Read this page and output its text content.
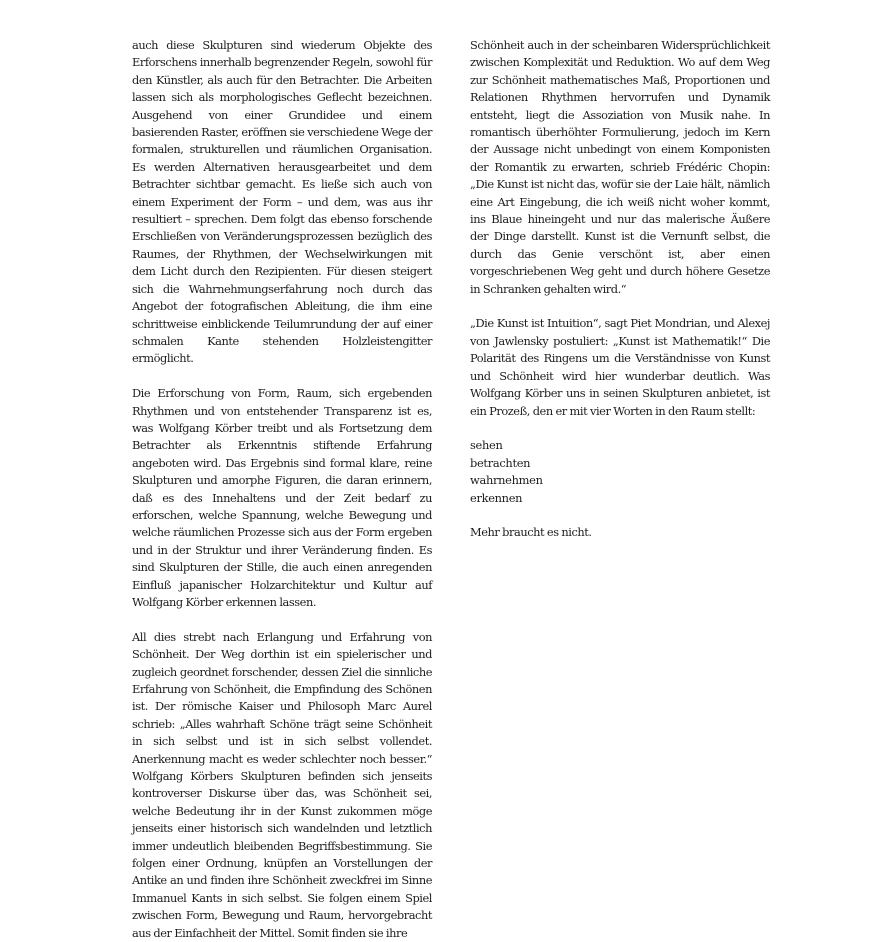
auch diese Skulpturen sind wiederum Objekte des Erforschens innerhalb begrenzender Regeln, sowohl für den Künstler, als auch für den Betrachter. Die Arbeiten lassen sich als morphologisches Geflecht bezeichnen. Ausgehend von einer Grundidee und einem basierenden Raster, eröffnen sie verschiedene Wege der formalen, strukturellen und räumlichen Organisation. Es werden Alternativen herausgearbeitet und dem Betrachter sichtbar gemacht. Es ließe sich auch von einem Experiment der Form – und dem, was aus ihr resultiert – sprechen. Dem folgt das ebenso forschende Erschließen von Veränderungsprozessen bezüglich des Raumes, der Rhythmen, der Wechselwirkungen mit dem Licht durch den Rezipienten. Für diesen steigert sich die Wahrnehmungserfahrung noch durch das Angebot der fotografischen Ableitung, die ihm eine schrittweise einblickende Teilumrundung der auf einer schmalen Kante stehenden Holzleistengitter ermöglicht.

Die Erforschung von Form, Raum, sich ergebenden Rhythmen und von entstehender Transparenz ist es, was Wolfgang Körber treibt und als Fortsetzung dem Betrachter als Erkenntnis stiftende Erfahrung angeboten wird. Das Ergebnis sind formal klare, reine Skulpturen und amorphe Figuren, die daran erinnern, daß es des Innehaltens und der Zeit bedarf zu erforschen, welche Spannung, welche Bewegung und welche räumlichen Prozesse sich aus der Form ergeben und in der Struktur und ihrer Veränderung finden. Es sind Skulpturen der Stille, die auch einen anregenden Einfluß japanischer Holzarchitektur und Kultur auf Wolfgang Körber erkennen lassen.

All dies strebt nach Erlangung und Erfahrung von Schönheit. Der Weg dorthin ist ein spielerischer und zugleich geordnet forschender, dessen Ziel die sinnliche Erfahrung von Schönheit, die Empfindung des Schönen ist. Der römische Kaiser und Philosoph Marc Aurel schrieb: „Alles wahrhaft Schöne trägt seine Schönheit in sich selbst und ist in sich selbst vollendet. Anerkennung macht es weder schlechter noch besser.“ Wolfgang Körbers Skulpturen befinden sich jenseits kontroverser Diskurse über das, was Schönheit sei, welche Bedeutung ihr in der Kunst zukommen möge jenseits einer historisch sich wandelnden und letztlich immer undeutlich bleibenden Begriffsbestimmung. Sie folgen einer Ordnung, knüpfen an Vorstellungen der Antike an und finden ihre Schönheit zweckfrei im Sinne Immanuel Kants in sich selbst. Sie folgen einem Spiel zwischen Form, Bewegung und Raum, hervorgebracht aus der Einfachheit der Mittel. Somit finden sie ihre

Schönheit auch in der scheinbaren Widersprüchlichkeit zwischen Komplexität und Reduktion. Wo auf dem Weg zur Schönheit mathematisches Maß, Proportionen und Relationen Rhythmen hervorrufen und Dynamik entsteht, liegt die Assoziation von Musik nahe. In romantisch überhöhter Formulierung, jedoch im Kern der Aussage nicht unbedingt von einem Komponisten der Romantik zu erwarten, schrieb Frédéric Chopin: „Die Kunst ist nicht das, wofür sie der Laie hält, nämlich eine Art Eingebung, die ich weiß nicht woher kommt, ins Blaue hineingeht und nur das malerische Äußere der Dinge darstellt. Kunst ist die Vernunft selbst, die durch das Genie verschönt ist, aber einen vorgeschriebenen Weg geht und durch höhere Gesetze in Schranken gehalten wird.“

„Die Kunst ist Intuition“, sagt Piet Mondrian, und Alexej von Jawlensky postuliert: „Kunst ist Mathematik!“ Die Polarität des Ringens um die Verständnisse von Kunst und Schönheit wird hier wunderbar deutlich. Was Wolfgang Körber uns in seinen Skulpturen anbietet, ist ein Prozeß, den er mit vier Worten in den Raum stellt:

sehen
betrachten
wahrnehmen
erkennen

Mehr braucht es nicht.
